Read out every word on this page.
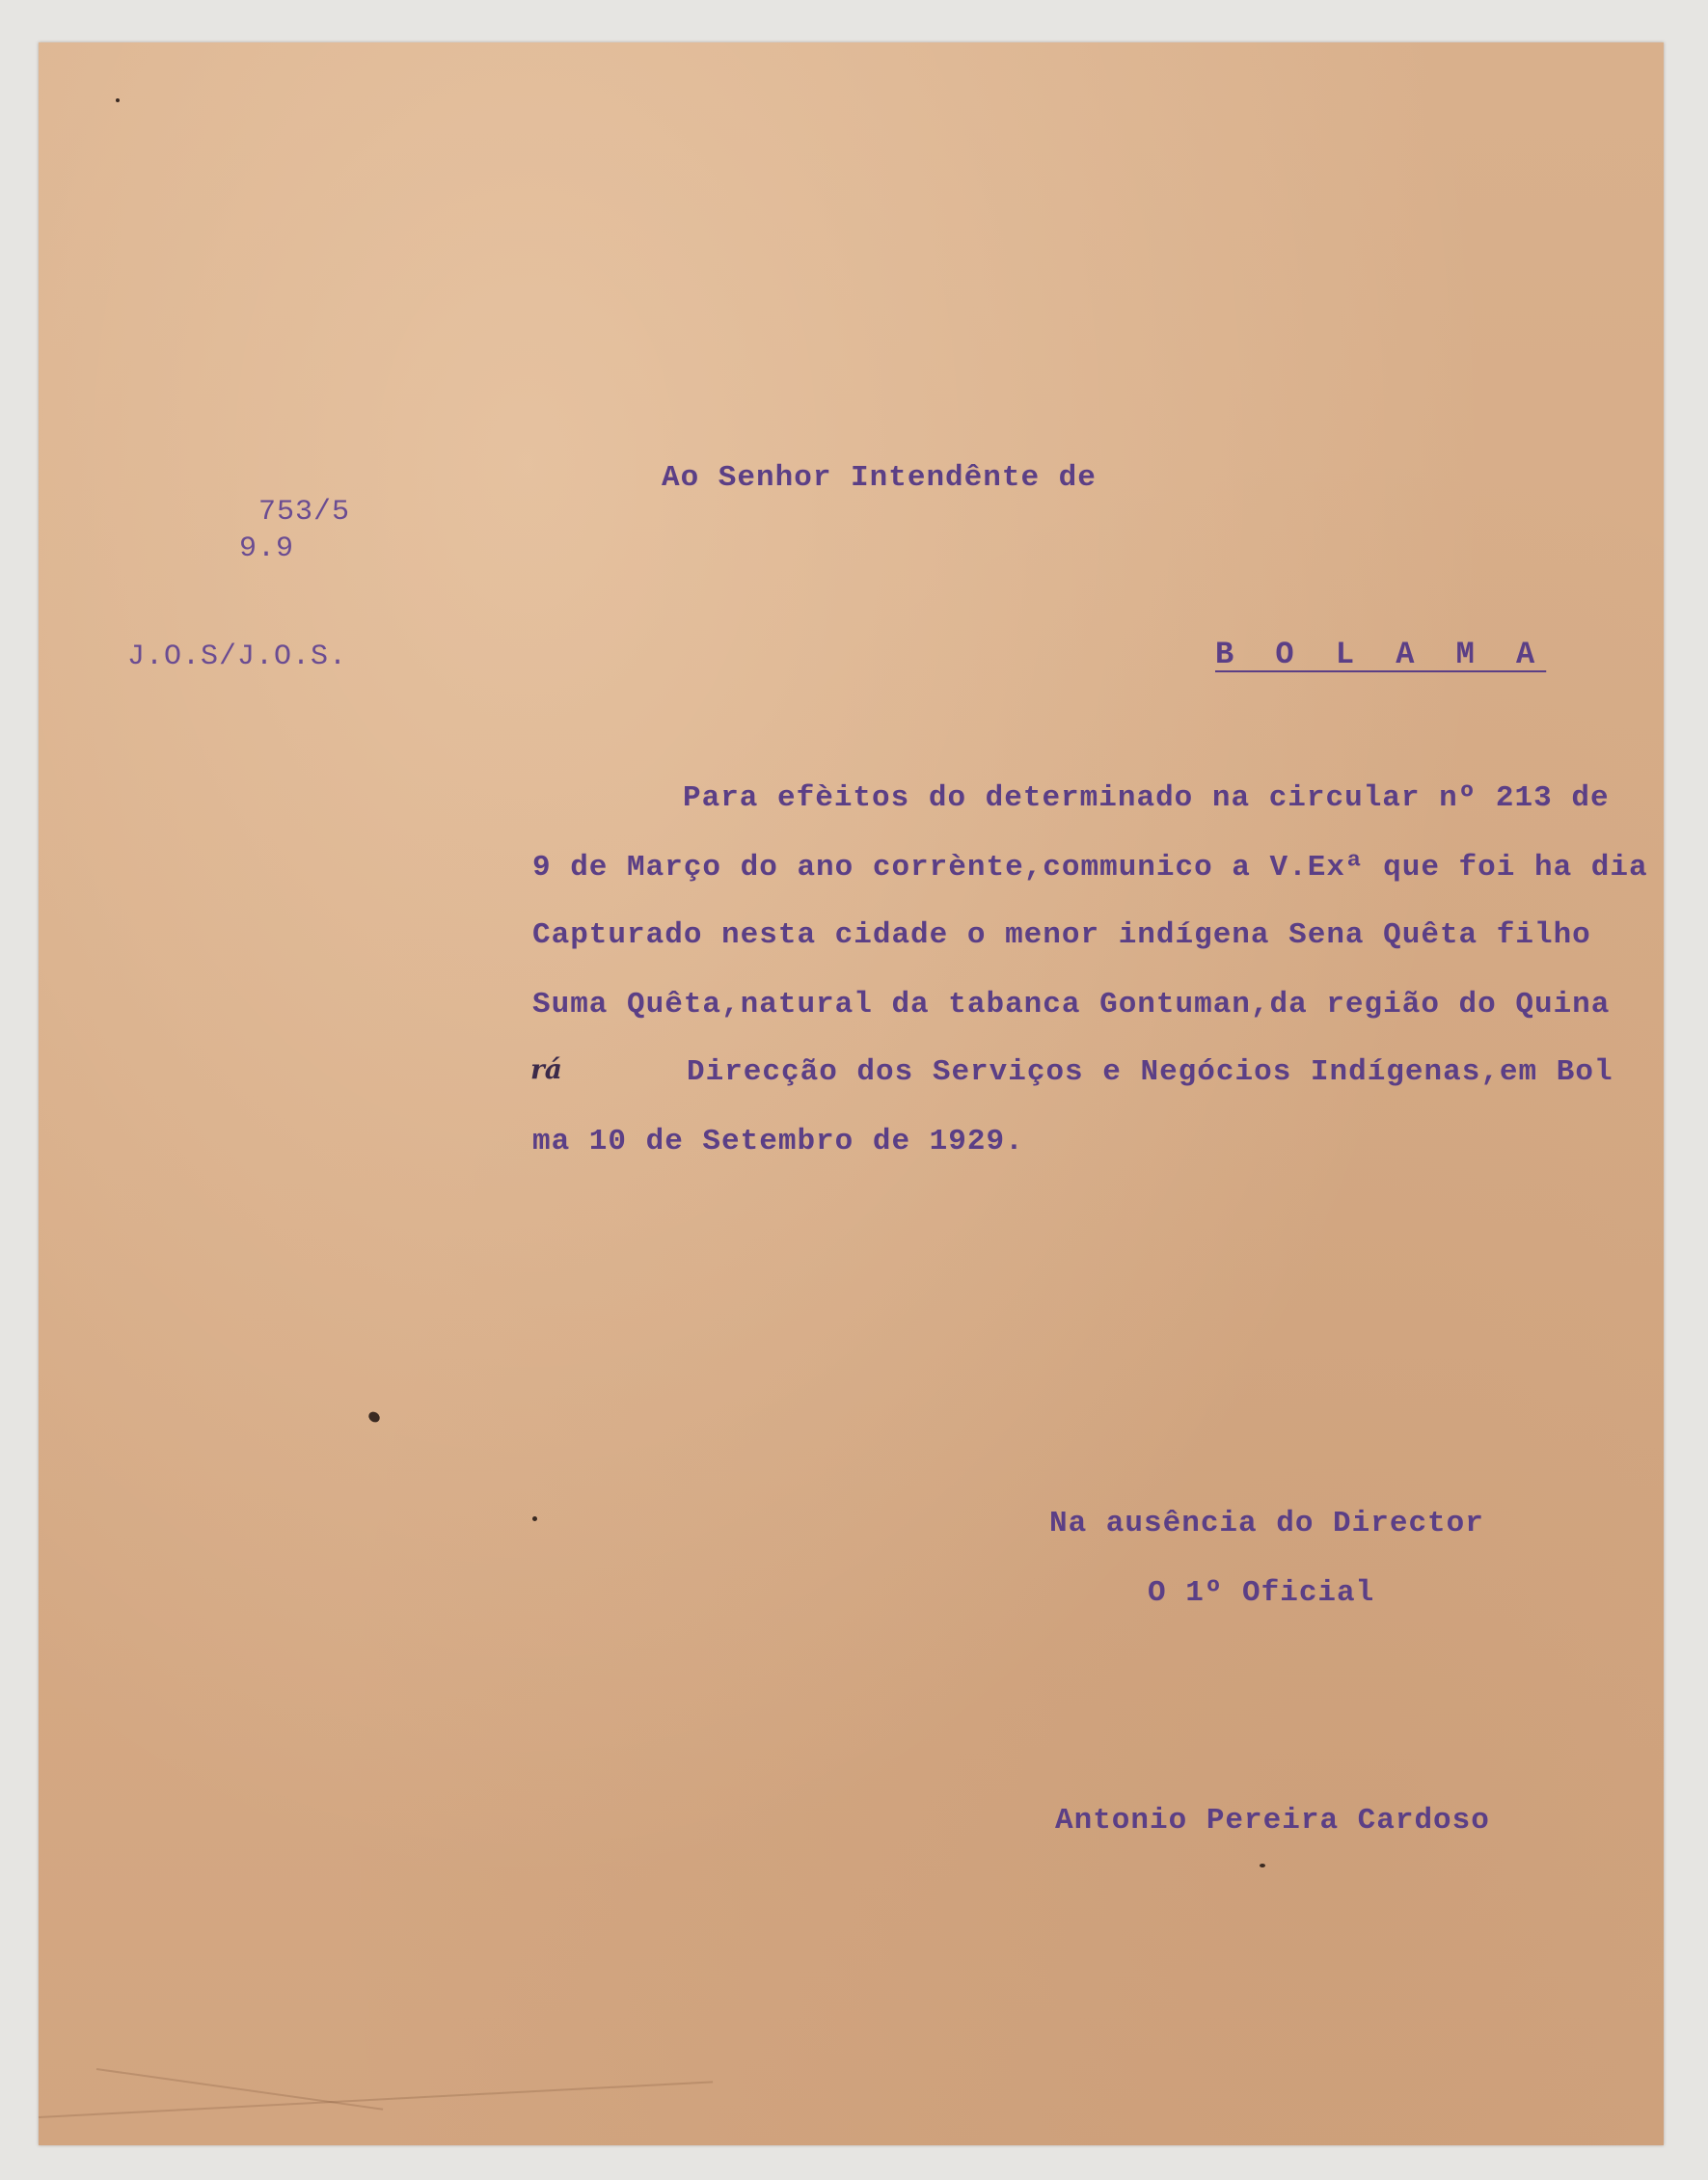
753/5
9.9
J.O.S/J.O.S.
Ao Senhor Intendênte de
B O L A M A
Para efèitos do determinado na circular nº 213 de
9 de Março do ano corrènte,communico a V.Exª que foi ha dia
Capturado nesta cidade o menor indígena Sena Quêta filho
Suma Quêta,natural da tabanca Gontuman,da região do Quina
rá	Direcção dos Serviços e Negócios Indígenas,em Bol
ma 10 de Setembro de 1929.
Na ausência do Director
O 1º Oficial
Antonio Pereira Cardoso
